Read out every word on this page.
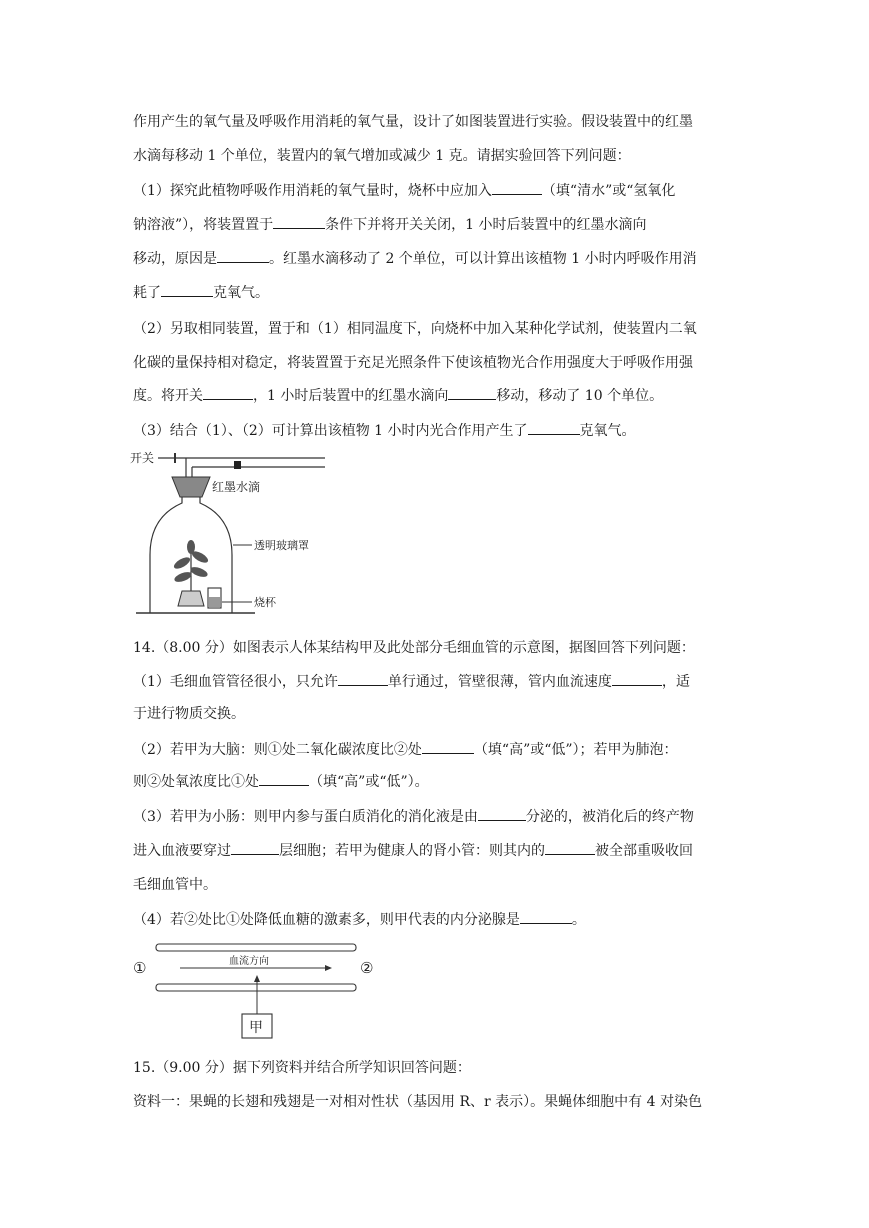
作用产生的氧气量及呼吸作用消耗的氧气量，设计了如图装置进行实验。假设装置中的红墨
水滴每移动 1 个单位，装置内的氧气增加或减少 1 克。请据实验回答下列问题：
（1）探究此植物呼吸作用消耗的氧气量时，烧杯中应加入	（填“清水”或“氢氧化
钠溶液”），将装置置于	条件下并将开关关闭，1 小时后装置中的红墨水滴向
移动，原因是	。红墨水滴移动了 2 个单位，可以计算出该植物 1 小时内呼吸作用消
耗了	克氧气。
（2）另取相同装置，置于和（1）相同温度下，向烧杯中加入某种化学试剂，使装置内二氧
化碳的量保持相对稳定，将装置置于充足光照条件下使该植物光合作用强度大于呼吸作用强
度。将开关	，1 小时后装置中的红墨水滴向	移动，移动了 10 个单位。
（3）结合（1）、（2）可计算出该植物 1 小时内光合作用产生了	克氧气。
开关
红墨水滴
透明玻璃罩
烧杯
14.（8.00 分）如图表示人体某结构甲及此处部分毛细血管的示意图，据图回答下列问题：
（1）毛细血管管径很小，只允许	单行通过，管壁很薄，管内血流速度	，适
于进行物质交换。
（2）若甲为大脑：则①处二氧化碳浓度比②处	（填“高”或“低”）；若甲为肺泡：
则②处氧浓度比①处	（填“高”或“低”）。
（3）若甲为小肠：则甲内参与蛋白质消化的消化液是由	分泌的，被消化后的终产物
进入血液要穿过	层细胞；若甲为健康人的肾小管：则其内的	被全部重吸收回
毛细血管中。
（4）若②处比①处降低血糖的激素多，则甲代表的内分泌腺是	。
①	②
血流方向
甲
15.（9.00 分）据下列资料并结合所学知识回答问题：
资料一：果蝇的长翅和残翅是一对相对性状（基因用 R、r 表示）。果蝇体细胞中有 4 对染色
